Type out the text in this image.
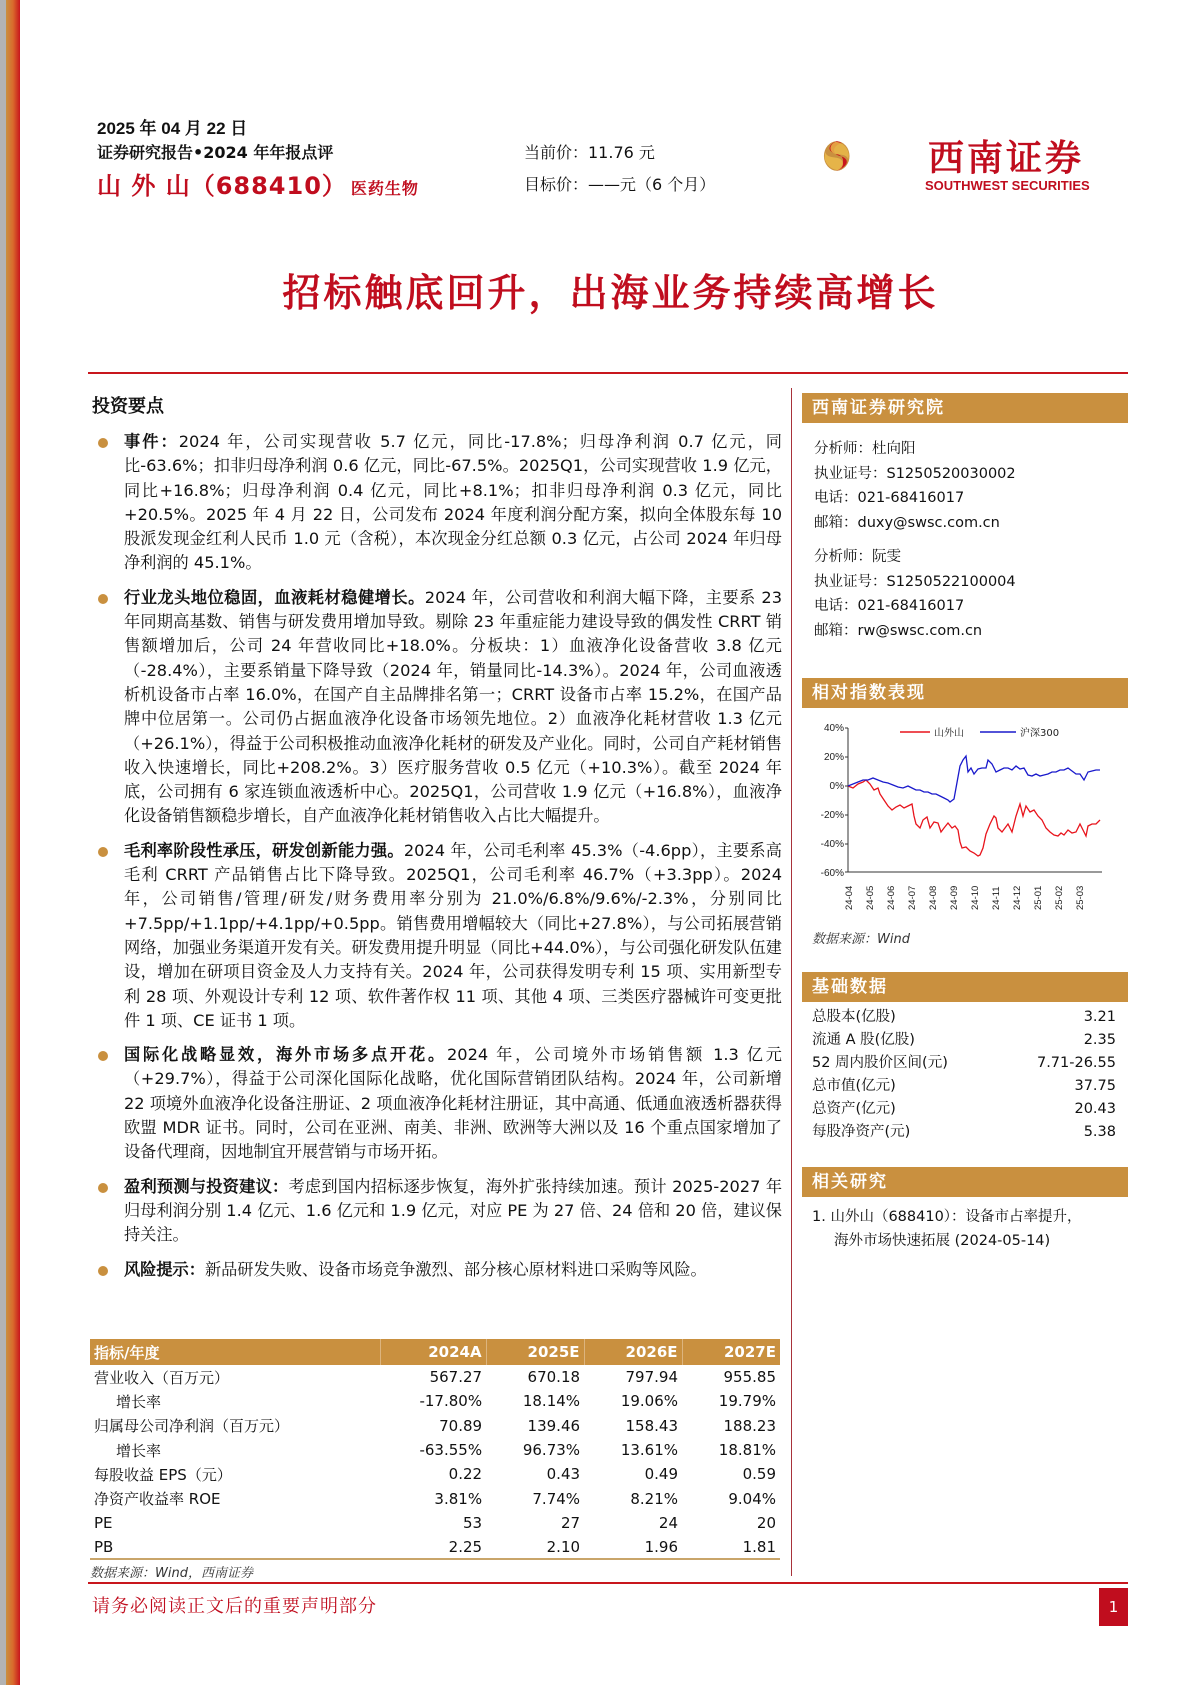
2025 年 04 月 22 日
证券研究报告•2024 年年报点评
山 外 山（688410） 医药生物
当前价：11.76 元
目标价：——元（6 个月）
西南证券
SOUTHWEST SECURITIES
招标触底回升，出海业务持续高增长
投资要点
事件：2024 年，公司实现营收 5.7 亿元，同比-17.8%；归母净利润 0.7 亿元，同比-63.6%；扣非归母净利润 0.6 亿元，同比-67.5%。2025Q1，公司实现营收 1.9 亿元，同比+16.8%；归母净利润 0.4 亿元，同比+8.1%；扣非归母净利润 0.3 亿元，同比+20.5%。2025 年 4 月 22 日，公司发布 2024 年度利润分配方案，拟向全体股东每 10 股派发现金红利人民币 1.0 元（含税），本次现金分红总额 0.3 亿元，占公司 2024 年归母净利润的 45.1%。
行业龙头地位稳固，血液耗材稳健增长。2024 年，公司营收和利润大幅下降，主要系 23 年同期高基数、销售与研发费用增加导致。剔除 23 年重症能力建设导致的偶发性 CRRT 销售额增加后，公司 24 年营收同比+18.0%。分板块：1）血液净化设备营收 3.8 亿元（-28.4%），主要系销量下降导致（2024 年，销量同比-14.3%）。2024 年，公司血液透析机设备市占率 16.0%，在国产自主品牌排名第一；CRRT 设备市占率 15.2%，在国产品牌中位居第一。公司仍占据血液净化设备市场领先地位。2）血液净化耗材营收 1.3 亿元（+26.1%），得益于公司积极推动血液净化耗材的研发及产业化。同时，公司自产耗材销售收入快速增长，同比+208.2%。3）医疗服务营收 0.5 亿元（+10.3%）。截至 2024 年底，公司拥有 6 家连锁血液透析中心。2025Q1，公司营收 1.9 亿元（+16.8%），血液净化设备销售额稳步增长，自产血液净化耗材销售收入占比大幅提升。
毛利率阶段性承压，研发创新能力强。2024 年，公司毛利率 45.3%（-4.6pp），主要系高毛利 CRRT 产品销售占比下降导致。2025Q1，公司毛利率 46.7%（+3.3pp）。2024 年，公司销售/管理/研发/财务费用率分别为 21.0%/6.8%/9.6%/-2.3%，分别同比+7.5pp/+1.1pp/+4.1pp/+0.5pp。销售费用增幅较大（同比+27.8%），与公司拓展营销网络，加强业务渠道开发有关。研发费用提升明显（同比+44.0%），与公司强化研发队伍建设，增加在研项目资金及人力支持有关。2024 年，公司获得发明专利 15 项、实用新型专利 28 项、外观设计专利 12 项、软件著作权 11 项、其他 4 项、三类医疗器械许可变更批件 1 项、CE 证书 1 项。
国际化战略显效，海外市场多点开花。2024 年，公司境外市场销售额 1.3 亿元（+29.7%），得益于公司深化国际化战略，优化国际营销团队结构。2024 年，公司新增 22 项境外血液净化设备注册证、2 项血液净化耗材注册证，其中高通、低通血液透析器获得欧盟 MDR 证书。同时，公司在亚洲、南美、非洲、欧洲等大洲以及 16 个重点国家增加了设备代理商，因地制宜开展营销与市场开拓。
盈利预测与投资建议：考虑到国内招标逐步恢复，海外扩张持续加速。预计 2025-2027 年归母利润分别 1.4 亿元、1.6 亿元和 1.9 亿元，对应 PE 为 27 倍、24 倍和 20 倍，建议保持关注。
风险提示：新品研发失败、设备市场竞争激烈、部分核心原材料进口采购等风险。
指标/年度	2024A	2025E	2026E	2027E
营业收入（百万元）	567.27	670.18	797.94	955.85
增长率	-17.80%	18.14%	19.06%	19.79%
归属母公司净利润（百万元）	70.89	139.46	158.43	188.23
增长率	-63.55%	96.73%	13.61%	18.81%
每股收益 EPS（元）	0.22	0.43	0.49	0.59
净资产收益率 ROE	3.81%	7.74%	8.21%	9.04%
PE	53	27	24	20
PB	2.25	2.10	1.96	1.81
数据来源：Wind，西南证券
西南证券研究院
分析师：杜向阳
执业证号：S1250520030002
电话：021-68416017
邮箱：duxy@swsc.com.cn
分析师：阮雯
执业证号：S1250522100004
电话：021-68416017
邮箱：rw@swsc.com.cn
相对指数表现
40%
20%
0%
-20%
-40%
-60%
24-04 24-05 24-06 24-07 24-08 24-09 24-10 24-11 24-12 25-01 25-02 25-03
山外山	沪深300
数据来源：Wind
基础数据
总股本(亿股)	3.21
流通 A 股(亿股)	2.35
52 周内股价区间(元)	7.71-26.55
总市值(亿元)	37.75
总资产(亿元)	20.43
每股净资产(元)	5.38
相关研究
1. 山外山（688410）：设备市占率提升，
海外市场快速拓展 (2024-05-14)
请务必阅读正文后的重要声明部分	1
